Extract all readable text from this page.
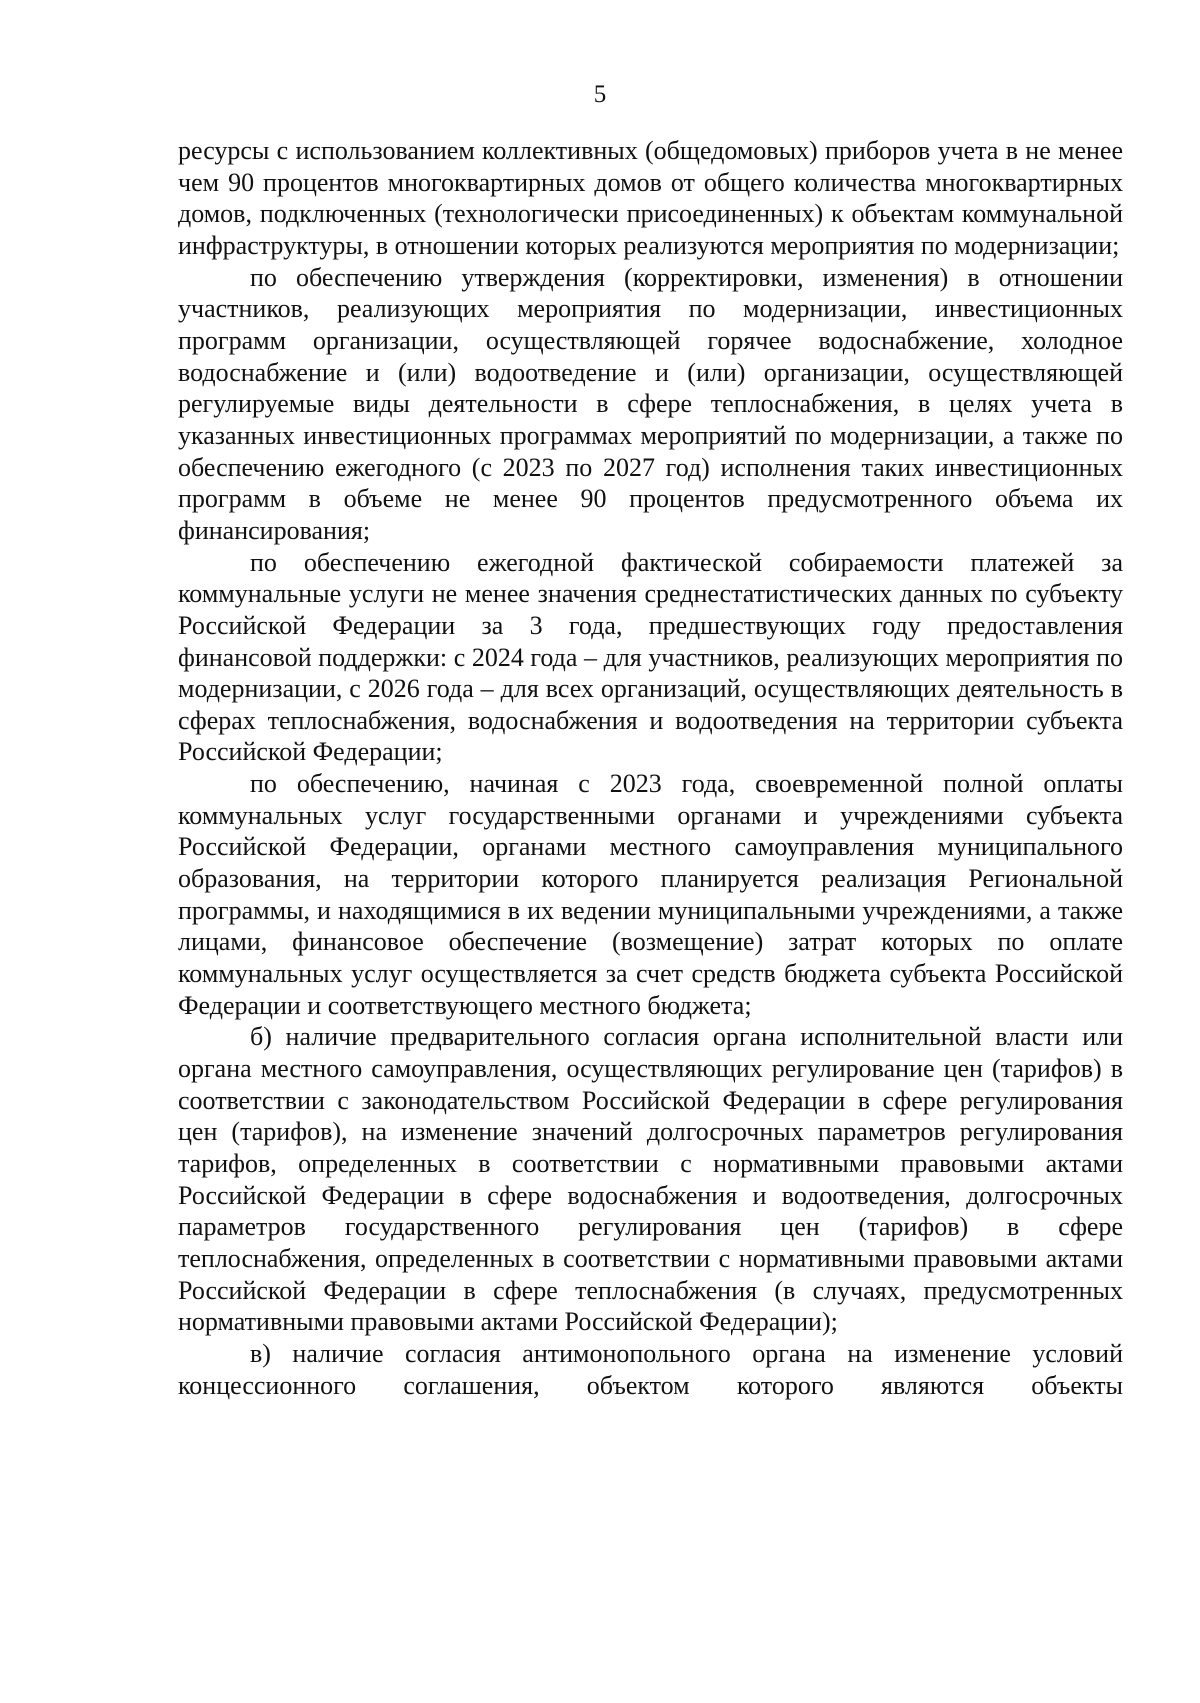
5

ресурсы с использованием коллективных (общедомовых) приборов учета в не менее чем 90 процентов многоквартирных домов от общего количества многоквартирных домов, подключенных (технологически присоединенных) к объектам коммунальной инфраструктуры, в отношении которых реализуются мероприятия по модернизации;

по обеспечению утверждения (корректировки, изменения) в отношении участников, реализующих мероприятия по модернизации, инвестиционных программ организации, осуществляющей горячее водоснабжение, холодное водоснабжение и (или) водоотведение и (или) организации, осуществляющей регулируемые виды деятельности в сфере теплоснабжения, в целях учета в указанных инвестиционных программах мероприятий по модернизации, а также по обеспечению ежегодного (с 2023 по 2027 год) исполнения таких инвестиционных программ в объеме не менее 90 процентов предусмотренного объема их финансирования;

по обеспечению ежегодной фактической собираемости платежей за коммунальные услуги не менее значения среднестатистических данных по субъекту Российской Федерации за 3 года, предшествующих году предоставления финансовой поддержки: с 2024 года – для участников, реализующих мероприятия по модернизации, с 2026 года – для всех организаций, осуществляющих деятельность в сферах теплоснабжения, водоснабжения и водоотведения на территории субъекта Российской Федерации;

по обеспечению, начиная с 2023 года, своевременной полной оплаты коммунальных услуг государственными органами и учреждениями субъекта Российской Федерации, органами местного самоуправления муниципального образования, на территории которого планируется реализация Региональной программы, и находящимися в их ведении муниципальными учреждениями, а также лицами, финансовое обеспечение (возмещение) затрат которых по оплате коммунальных услуг осуществляется за счет средств бюджета субъекта Российской Федерации и соответствующего местного бюджета;

б) наличие предварительного согласия органа исполнительной власти или органа местного самоуправления, осуществляющих регулирование цен (тарифов) в соответствии с законодательством Российской Федерации в сфере регулирования цен (тарифов), на изменение значений долгосрочных параметров регулирования тарифов, определенных в соответствии с нормативными правовыми актами Российской Федерации в сфере водоснабжения и водоотведения, долгосрочных параметров государственного регулирования цен (тарифов) в сфере теплоснабжения, определенных в соответствии с нормативными правовыми актами Российской Федерации в сфере теплоснабжения (в случаях, предусмотренных нормативными правовыми актами Российской Федерации);

в) наличие согласия антимонопольного органа на изменение условий концессионного соглашения, объектом которого являются объекты
